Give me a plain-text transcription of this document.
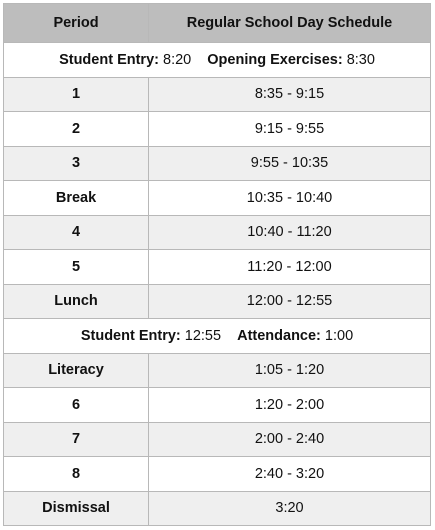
Period	Regular School Day Schedule
Student Entry: 8:20 Opening Exercises: 8:30	
1	8:35 - 9:15
2	9:15 - 9:55
3	9:55 - 10:35
Break	10:35 - 10:40
4	10:40 - 11:20
5	11:20 - 12:00
Lunch	12:00 - 12:55
Student Entry: 12:55 Attendance: 1:00	
Literacy	1:05 - 1:20
6	1:20 - 2:00
7	2:00 - 2:40
8	2:40 - 3:20
Dismissal	3:20
